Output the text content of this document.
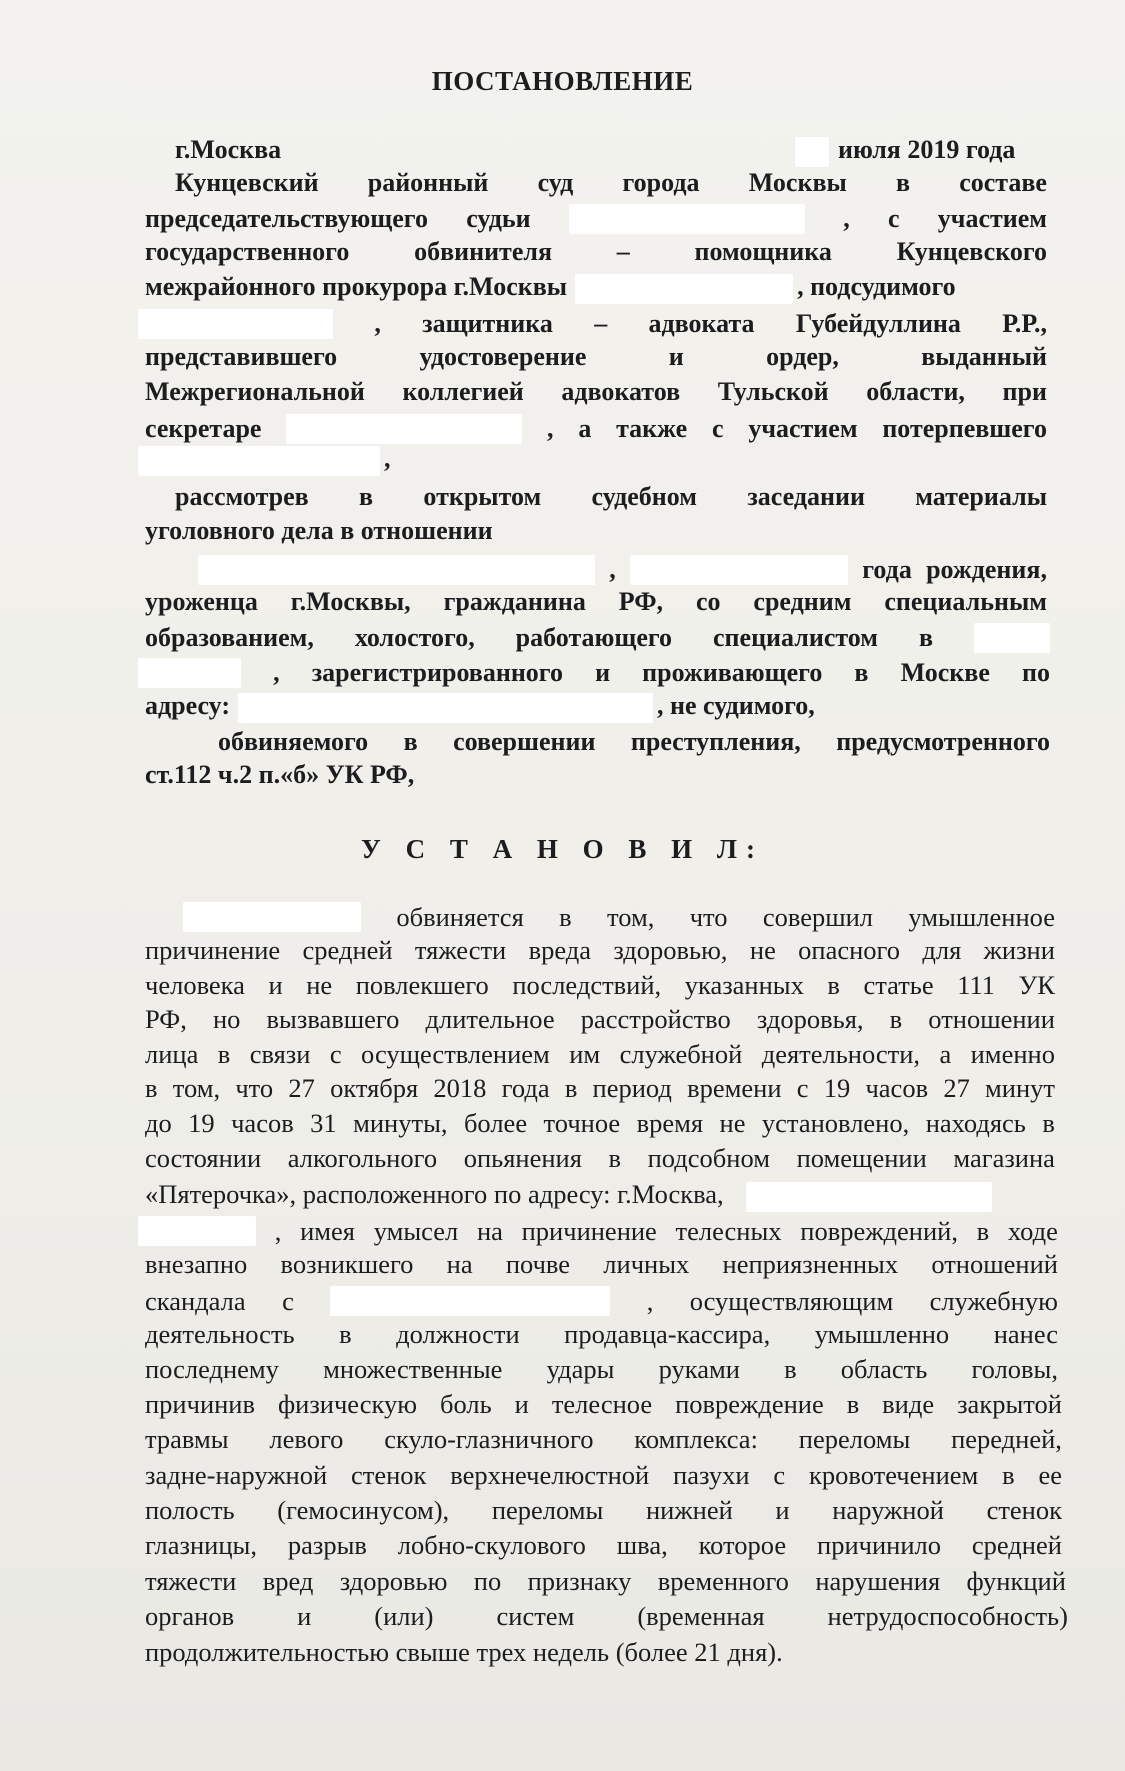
ПОСТАНОВЛЕНИЕ
г.Москва	июля 2019 года
Кунцевский районный суд города Москвы в составе
председательствующего судьи	, с участием
государственного обвинителя – помощника Кунцевского
межрайонного прокурора г.Москвы	, подсудимого
, защитника – адвоката Губейдуллина Р.Р.,
представившего	удостоверение	и	ордер,	выданный
Межрегиональной коллегией адвокатов Тульской области, при
секретаре	, а также с участием потерпевшего
,
рассмотрев в открытом судебном заседании материалы
уголовного дела в отношении
,	года рождения,
уроженца г.Москвы, гражданина РФ, со средним специальным
образованием, холостого, работающего специалистом в
, зарегистрированного и проживающего в Москве по
адресу:	, не судимого,
обвиняемого в совершении преступления, предусмотренного
ст.112 ч.2 п.«б» УК РФ,
У С Т А Н О В И Л:
обвиняется в том, что совершил умышленное
причинение средней тяжести вреда здоровью, не опасного для жизни
человека и не повлекшего последствий, указанных в статье 111 УК
РФ, но вызвавшего длительное расстройство здоровья, в отношении
лица в связи с осуществлением им служебной деятельности, а именно
в том, что 27 октября 2018 года в период времени с 19 часов 27 минут
до 19 часов 31 минуты, более точное время не установлено, находясь в
состоянии алкогольного опьянения в подсобном помещении магазина
«Пятерочка», расположенного по адресу: г.Москва,
, имея умысел на причинение телесных повреждений, в ходе
внезапно возникшего на почве личных неприязненных отношений
скандала с	, осуществляющим служебную
деятельность в должности продавца-кассира, умышленно нанес
последнему множественные удары руками в область головы,
причинив физическую боль и телесное повреждение в виде закрытой
травмы левого скуло-глазничного комплекса: переломы передней,
задне-наружной стенок верхнечелюстной пазухи с кровотечением в ее
полость (гемосинусом), переломы нижней и наружной стенок
глазницы, разрыв лобно-скулового шва, которое причинило средней
тяжести вред здоровью по признаку временного нарушения функций
органов и (или) систем (временная нетрудоспособность)
продолжительностью свыше трех недель (более 21 дня).
